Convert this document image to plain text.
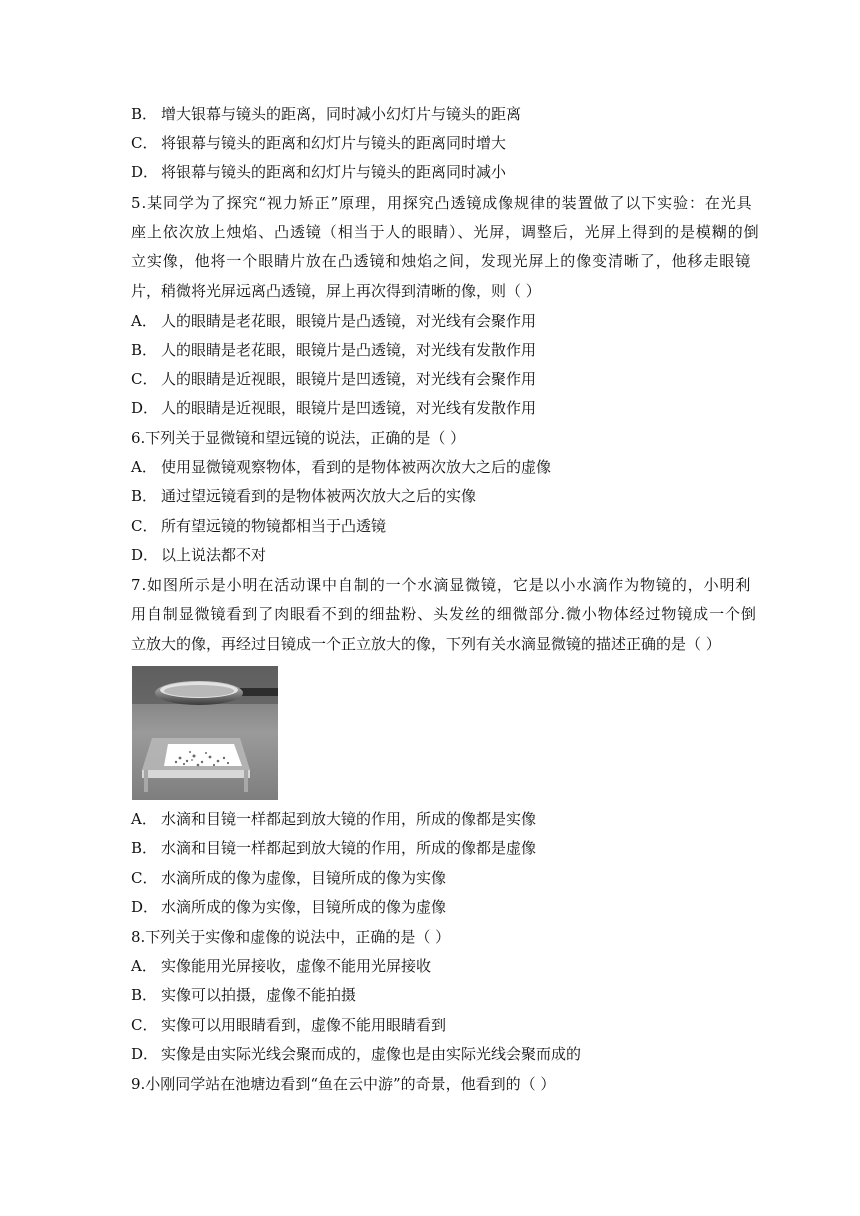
B． 增大银幕与镜头的距离，同时减小幻灯片与镜头的距离
C． 将银幕与镜头的距离和幻灯片与镜头的距离同时增大
D． 将银幕与镜头的距离和幻灯片与镜头的距离同时减小
5.某同学为了探究“视力矫正”原理，用探究凸透镜成像规律的装置做了以下实验：在光具
座上依次放上烛焰、凸透镜（相当于人的眼睛）、光屏，调整后，光屏上得到的是模糊的倒
立实像，他将一个眼睛片放在凸透镜和烛焰之间，发现光屏上的像变清晰了，他移走眼镜
片，稍微将光屏远离凸透镜，屏上再次得到清晰的像，则（ ）
A． 人的眼睛是老花眼，眼镜片是凸透镜，对光线有会聚作用
B． 人的眼睛是老花眼，眼镜片是凸透镜，对光线有发散作用
C． 人的眼睛是近视眼，眼镜片是凹透镜，对光线有会聚作用
D． 人的眼睛是近视眼，眼镜片是凹透镜，对光线有发散作用
6.下列关于显微镜和望远镜的说法，正确的是（ ）
A． 使用显微镜观察物体，看到的是物体被两次放大之后的虚像
B． 通过望远镜看到的是物体被两次放大之后的实像
C． 所有望远镜的物镜都相当于凸透镜
D． 以上说法都不对
7.如图所示是小明在活动课中自制的一个水滴显微镜，它是以小水滴作为物镜的，小明利
用自制显微镜看到了肉眼看不到的细盐粉、头发丝的细微部分.微小物体经过物镜成一个倒
立放大的像，再经过目镜成一个正立放大的像，下列有关水滴显微镜的描述正确的是（ ）
A． 水滴和目镜一样都起到放大镜的作用，所成的像都是实像
B． 水滴和目镜一样都起到放大镜的作用，所成的像都是虚像
C． 水滴所成的像为虚像，目镜所成的像为实像
D． 水滴所成的像为实像，目镜所成的像为虚像
8.下列关于实像和虚像的说法中，正确的是（ ）
A． 实像能用光屏接收，虚像不能用光屏接收
B． 实像可以拍摄，虚像不能拍摄
C． 实像可以用眼睛看到，虚像不能用眼睛看到
D． 实像是由实际光线会聚而成的，虚像也是由实际光线会聚而成的
9.小刚同学站在池塘边看到“鱼在云中游”的奇景，他看到的（ ）
